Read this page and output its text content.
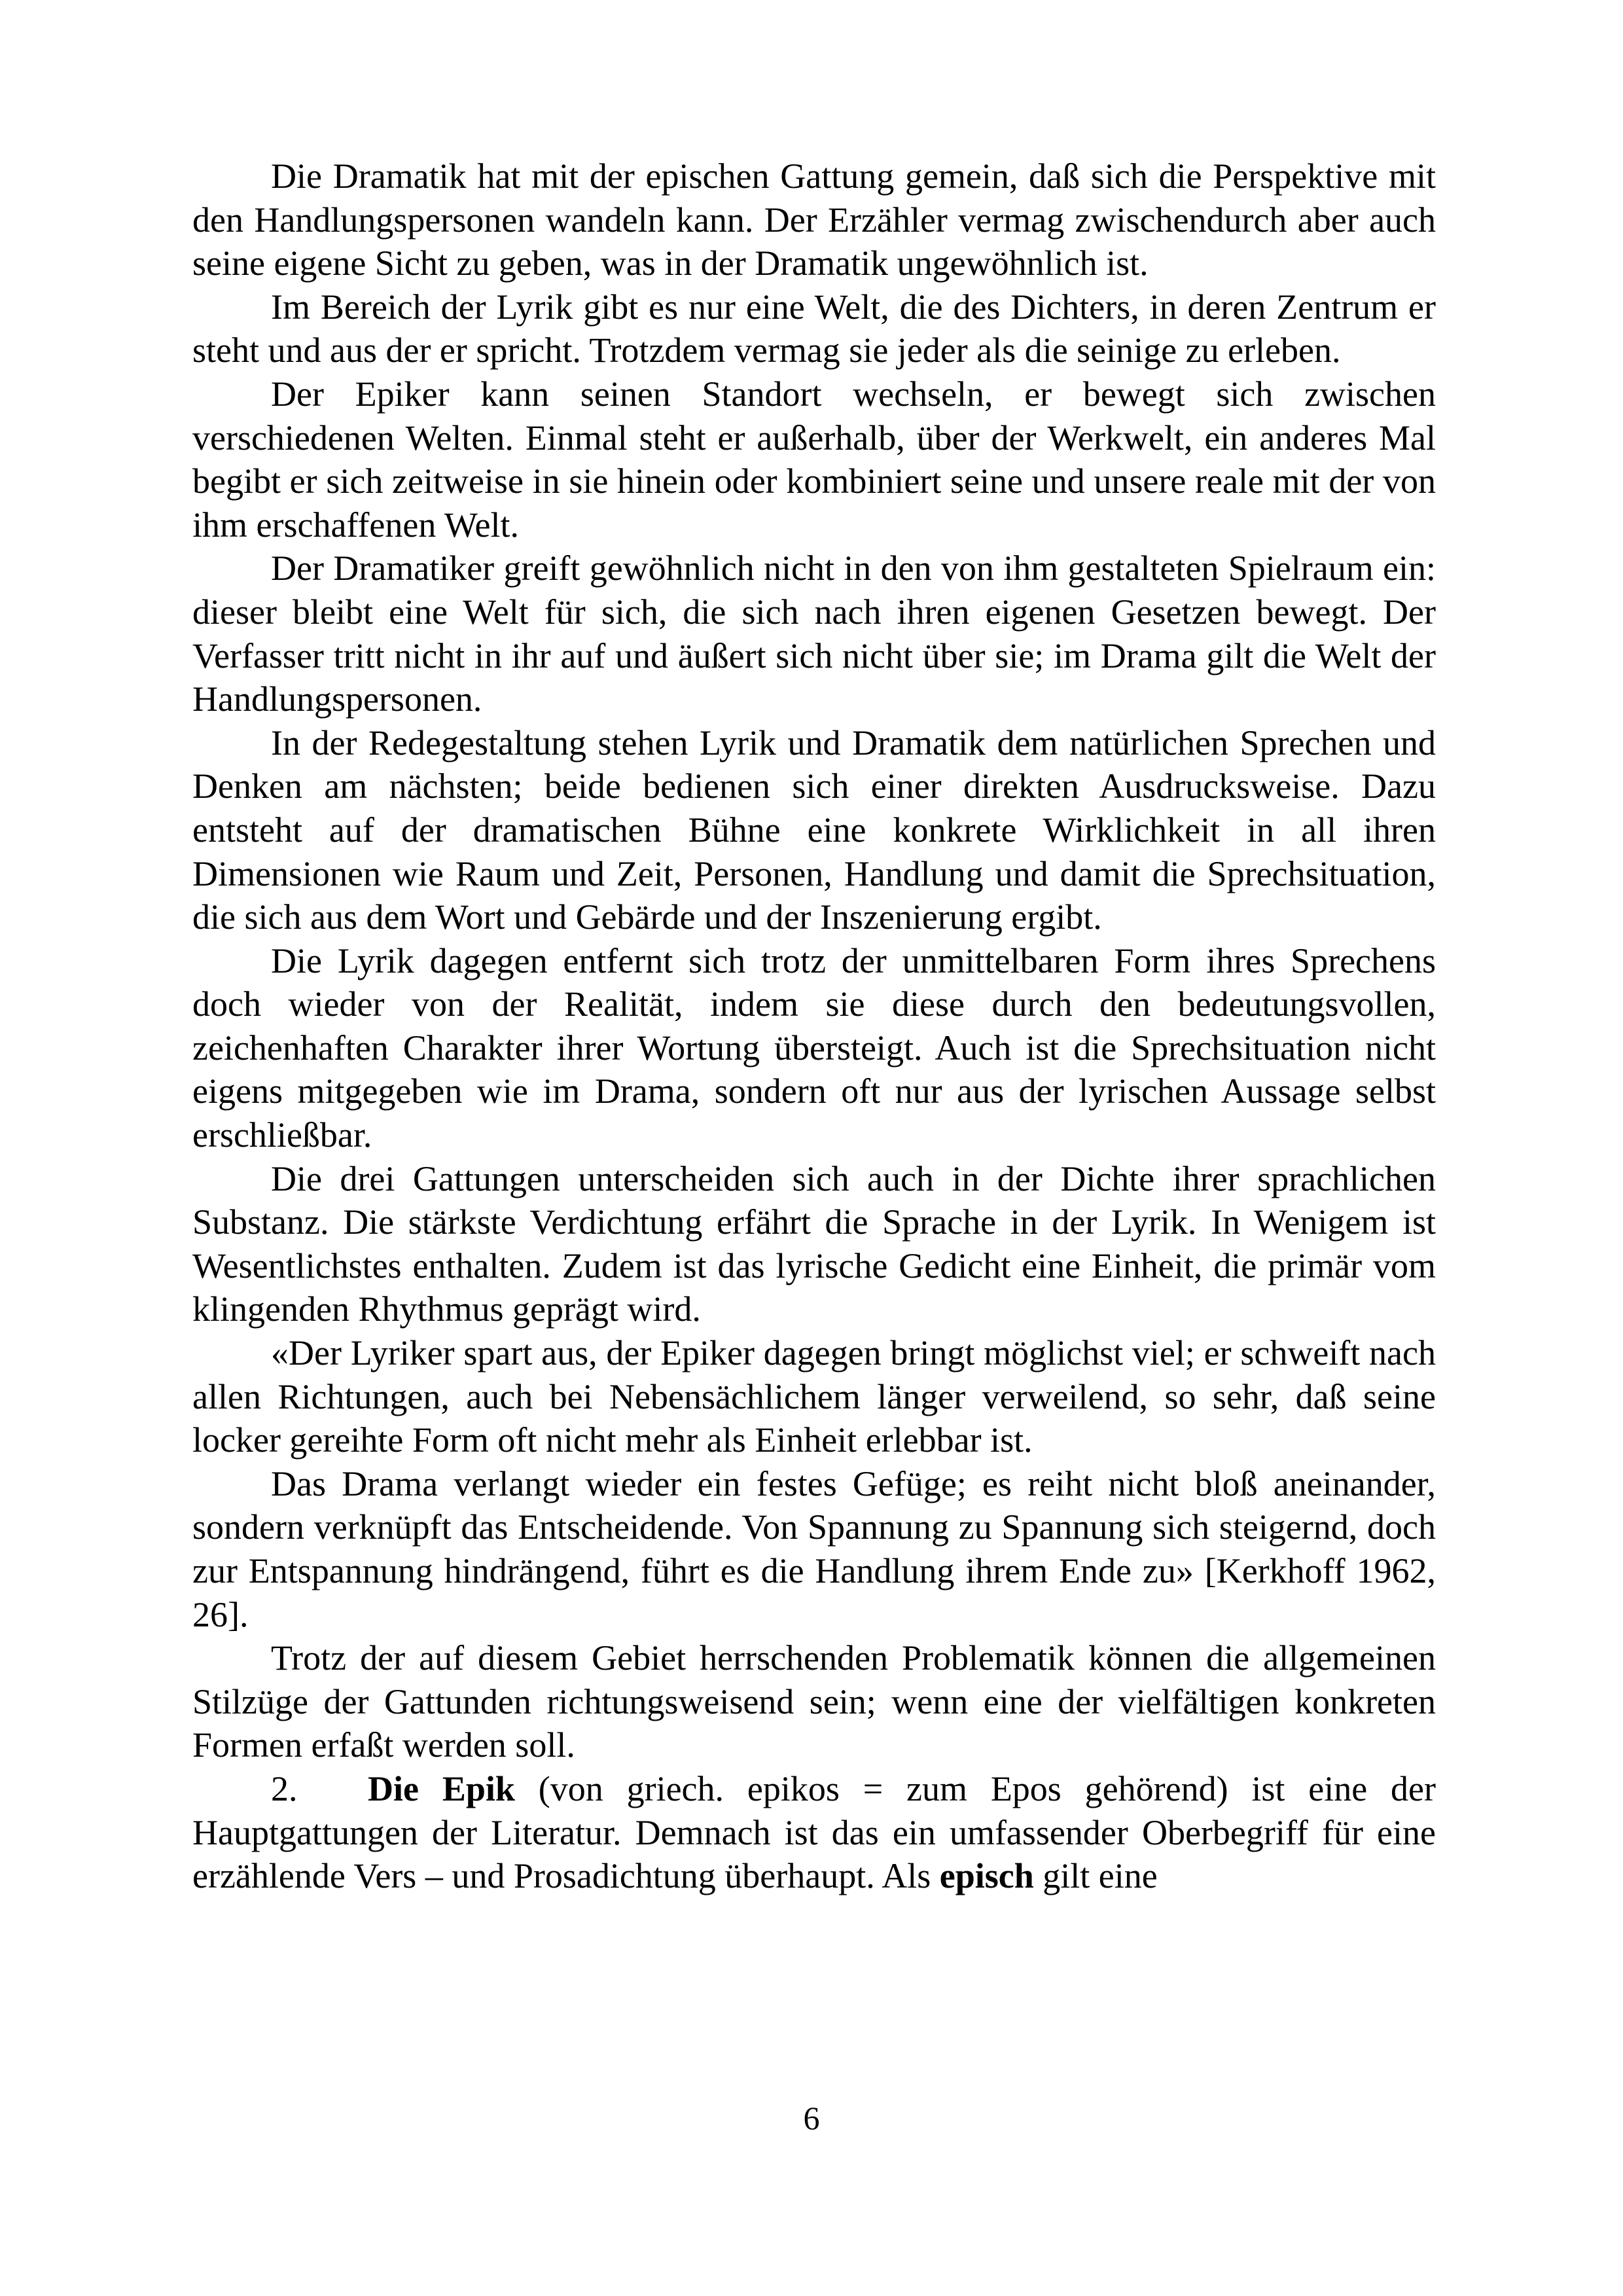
Die Dramatik hat mit der epischen Gattung gemein, daß sich die Perspektive mit den Handlungspersonen wandeln kann. Der Erzähler vermag zwischendurch aber auch seine eigene Sicht zu geben, was in der Dramatik ungewöhnlich ist.

Im Bereich der Lyrik gibt es nur eine Welt, die des Dichters, in deren Zentrum er steht und aus der er spricht. Trotzdem vermag sie jeder als die seinige zu erleben.

Der Epiker kann seinen Standort wechseln, er bewegt sich zwischen verschiedenen Welten. Einmal steht er außerhalb, über der Werkwelt, ein anderes Mal begibt er sich zeitweise in sie hinein oder kombiniert seine und unsere reale mit der von ihm erschaffenen Welt.

Der Dramatiker greift gewöhnlich nicht in den von ihm gestalteten Spielraum ein: dieser bleibt eine Welt für sich, die sich nach ihren eigenen Gesetzen bewegt. Der Verfasser tritt nicht in ihr auf und äußert sich nicht über sie; im Drama gilt die Welt der Handlungspersonen.

In der Redegestaltung stehen Lyrik und Dramatik dem natürlichen Sprechen und Denken am nächsten; beide bedienen sich einer direkten Ausdrucksweise. Dazu entsteht auf der dramatischen Bühne eine konkrete Wirklichkeit in all ihren Dimensionen wie Raum und Zeit, Personen, Handlung und damit die Sprechsituation, die sich aus dem Wort und Gebärde und der Inszenierung ergibt.

Die Lyrik dagegen entfernt sich trotz der unmittelbaren Form ihres Sprechens doch wieder von der Realität, indem sie diese durch den bedeutungsvollen, zeichenhaften Charakter ihrer Wortung übersteigt. Auch ist die Sprechsituation nicht eigens mitgegeben wie im Drama, sondern oft nur aus der lyrischen Aussage selbst erschließbar.

Die drei Gattungen unterscheiden sich auch in der Dichte ihrer sprachlichen Substanz. Die stärkste Verdichtung erfährt die Sprache in der Lyrik. In Wenigem ist Wesentlichstes enthalten. Zudem ist das lyrische Gedicht eine Einheit, die primär vom klingenden Rhythmus geprägt wird.

«Der Lyriker spart aus, der Epiker dagegen bringt möglichst viel; er schweift nach allen Richtungen, auch bei Nebensächlichem länger verweilend, so sehr, daß seine locker gereihte Form oft nicht mehr als Einheit erlebbar ist.

Das Drama verlangt wieder ein festes Gefüge; es reiht nicht bloß aneinander, sondern verknüpft das Entscheidende. Von Spannung zu Spannung sich steigernd, doch zur Entspannung hindrängend, führt es die Handlung ihrem Ende zu» [Kerkhoff 1962, 26].

Trotz der auf diesem Gebiet herrschenden Problematik können die allgemeinen Stilzüge der Gattunden richtungsweisend sein; wenn eine der vielfältigen konkreten Formen erfaßt werden soll.

2. Die Epik (von griech. epikos = zum Epos gehörend) ist eine der Hauptgattungen der Literatur. Demnach ist das ein umfassender Oberbegriff für eine erzählende Vers – und Prosadichtung überhaupt. Als episch gilt eine

6
